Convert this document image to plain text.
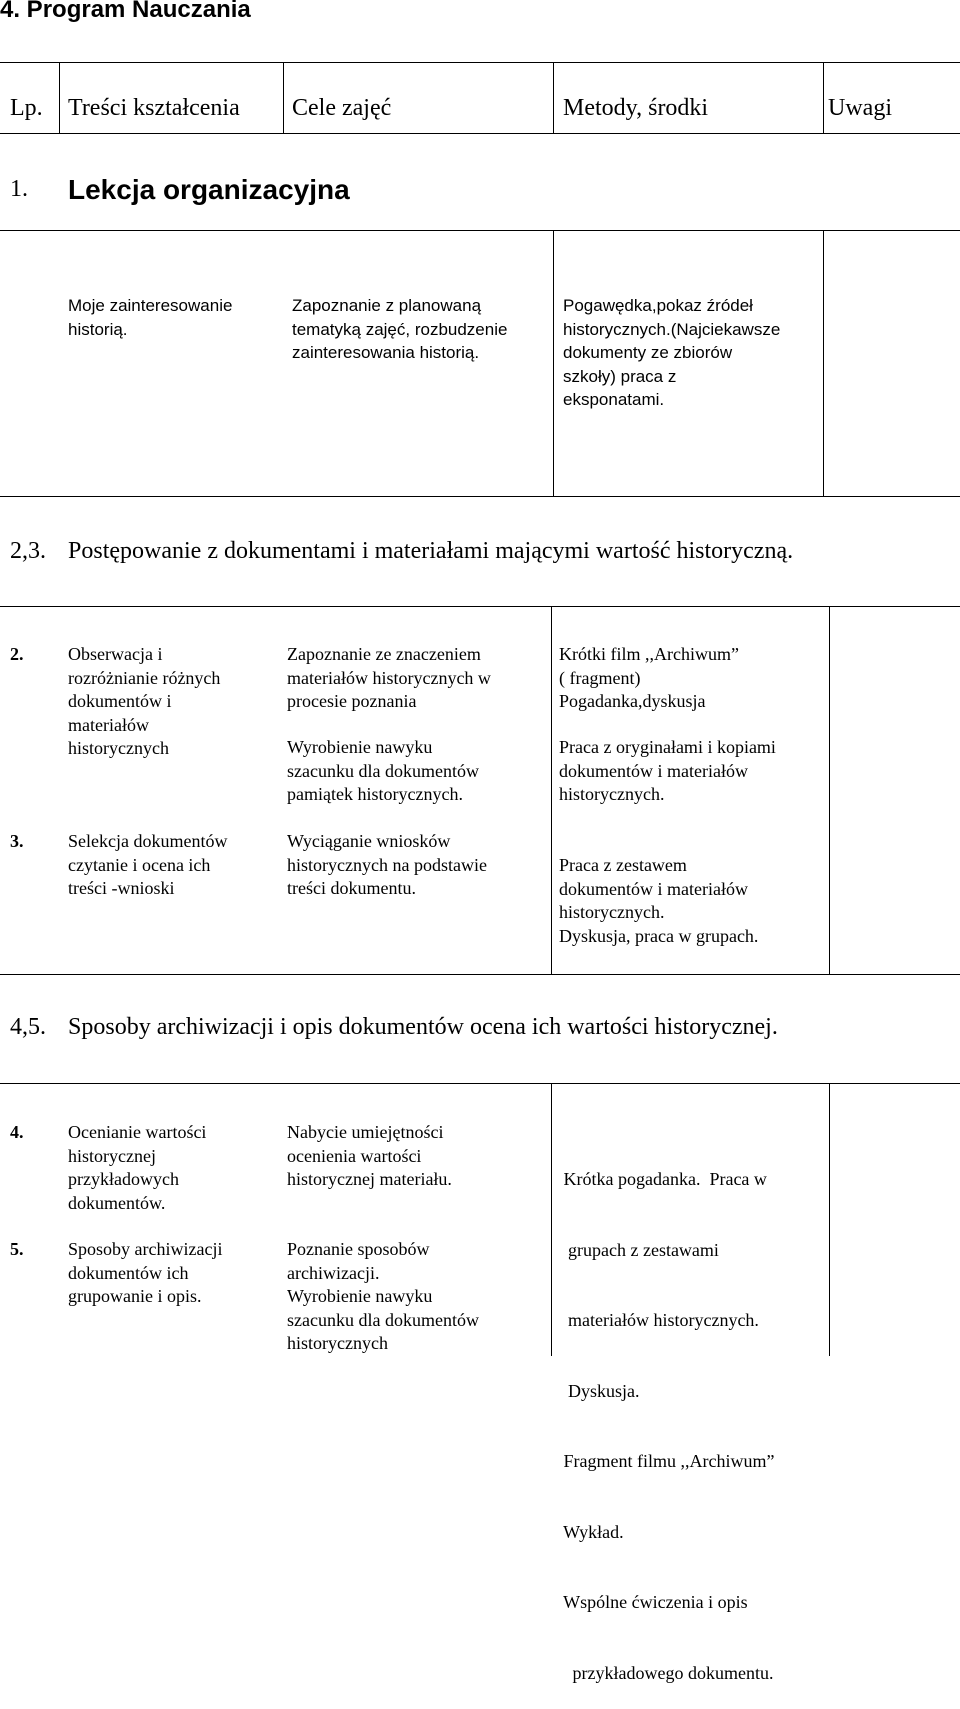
4. Program Nauczania
Lp. Treści kształcenia Cele zajęć	Metody, środki	Uwagi
1. Lekcja organizacyjna
Moje zainteresowanie
historią.
Zapoznanie z planowaną
tematyką zajęć, rozbudzenie
zainteresowania historią.
Pogawędka,pokaz źródeł
historycznych.(Najciekawsze
dokumenty ze zbiorów
szkoły) praca z
eksponatami.
2,3. Postępowanie z dokumentami i materiałami mającymi wartość historyczną.
2. Obserwacja i
rozróżnianie różnych
dokumentów i
materiałów
historycznych
Zapoznanie ze znaczeniem
materiałów historycznych w
procesie poznania
Wyrobienie nawyku
szacunku dla dokumentów
pamiątek historycznych.
Krótki film ,,Archiwum”
( fragment)
Pogadanka,dyskusja
Praca z oryginałami i kopiami
dokumentów i materiałów
historycznych.
3. Selekcja dokumentów
czytanie i ocena ich
treści -wnioski
Wyciąganie wniosków
historycznych na podstawie
treści dokumentu.
Praca z zestawem
dokumentów i materiałów
historycznych.
Dyskusja, praca w grupach.
4,5. Sposoby archiwizacji i opis dokumentów ocena ich wartości historycznej.
4. Ocenianie wartości
historycznej
przykładowych
dokumentów.
Nabycie umiejętności
ocenienia wartości
historycznej materiału.
5. Sposoby archiwizacji
dokumentów ich
grupowanie i opis.
Poznanie sposobów
archiwizacji.
Wyrobienie nawyku
szacunku dla dokumentów
historycznych

Krótka pogadanka.  Praca w

grupach z zestawami

materiałów historycznych.

Dyskusja.

Fragment filmu ,,Archiwum”

Wykład.

Wspólne ćwiczenia i opis

przykładowego dokumentu.
